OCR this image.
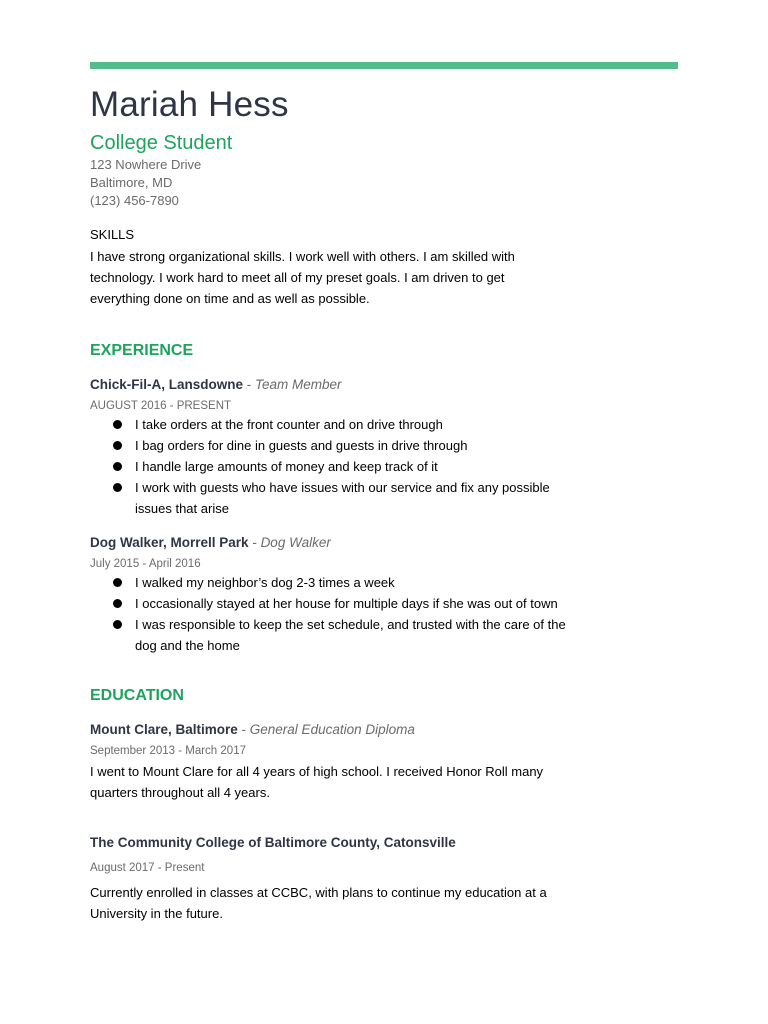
Mariah Hess
College Student
123 Nowhere Drive
Baltimore, MD
(123) 456-7890
SKILLS
I have strong organizational skills. I work well with others. I am skilled with technology. I work hard to meet all of my preset goals. I am driven to get everything done on time and as well as possible.
EXPERIENCE
Chick-Fil-A, Lansdowne - Team Member
AUGUST 2016 - PRESENT
I take orders at the front counter and on drive through
I bag orders for dine in guests and guests in drive through
I handle large amounts of money and keep track of it
I work with guests who have issues with our service and fix any possible issues that arise
Dog Walker, Morrell Park - Dog Walker
July 2015 - April 2016
I walked my neighbor’s dog 2-3 times a week
I occasionally stayed at her house for multiple days if she was out of town
I was responsible to keep the set schedule, and trusted with the care of the dog and the home
EDUCATION
Mount Clare, Baltimore - General Education Diploma
September 2013 - March 2017
I went to Mount Clare for all 4 years of high school. I received Honor Roll many quarters throughout all 4 years.
The Community College of Baltimore County, Catonsville
August 2017 - Present
Currently enrolled in classes at CCBC, with plans to continue my education at a University in the future.
